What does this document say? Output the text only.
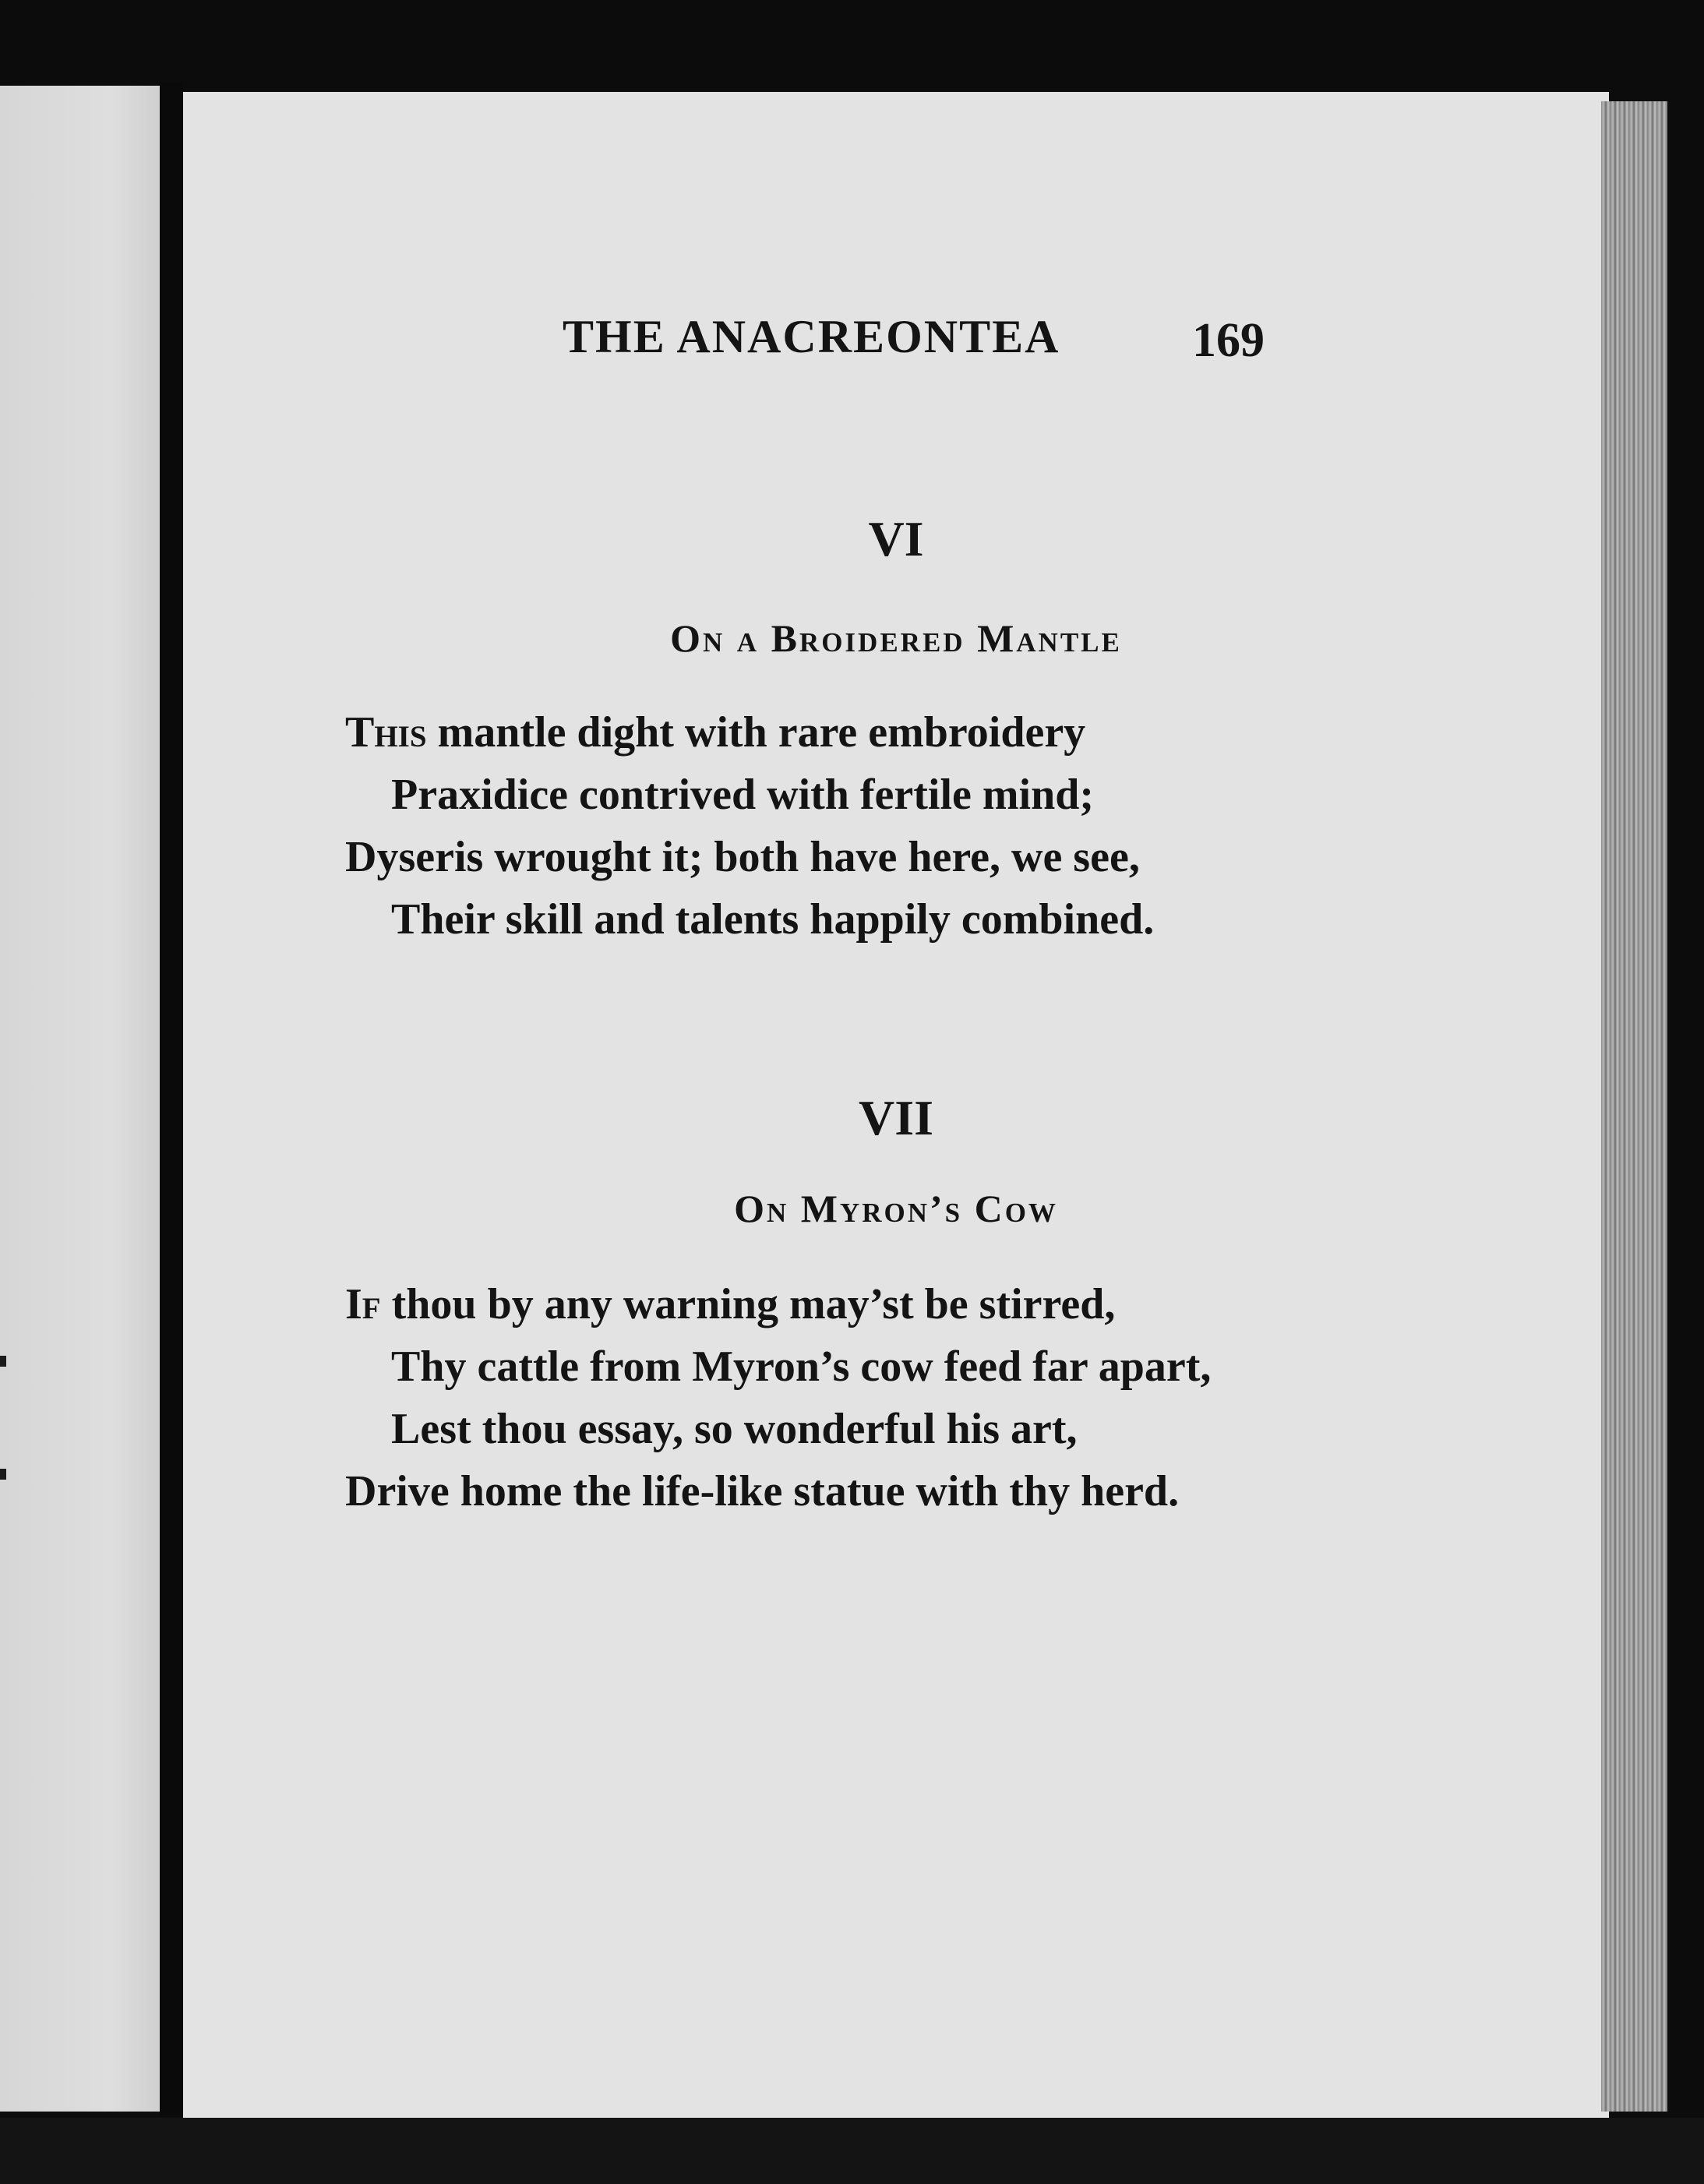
THE ANACREONTEA	169
VI
On a Broidered Mantle
This mantle dight with rare embroidery
Praxidice contrived with fertile mind;
Dyseris wrought it; both have here, we see,
Their skill and talents happily combined.
VII
On Myron’s Cow
If thou by any warning may’st be stirred,
Thy cattle from Myron’s cow feed far apart,
Lest thou essay, so wonderful his art,
Drive home the life-like statue with thy herd.
